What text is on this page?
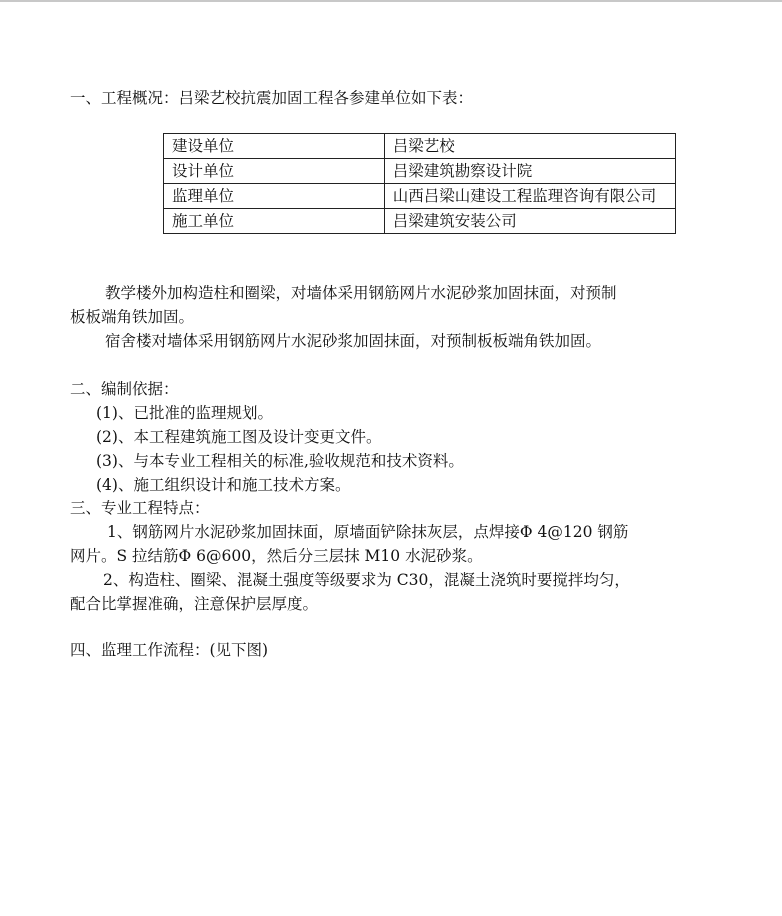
一、工程概况：吕梁艺校抗震加固工程各参建单位如下表：
建设单位	吕梁艺校
设计单位	吕梁建筑勘察设计院
监理单位	山西吕梁山建设工程监理咨询有限公司
施工单位	吕梁建筑安装公司
教学楼外加构造柱和圈梁，对墙体采用钢筋网片水泥砂浆加固抹面，对预制
板板端角铁加固。
宿舍楼对墙体采用钢筋网片水泥砂浆加固抹面，对预制板板端角铁加固。
二、编制依据：
(1)、已批准的监理规划。
(2)、本工程建筑施工图及设计变更文件。
(3)、与本专业工程相关的标准,验收规范和技术资料。
(4)、施工组织设计和施工技术方案。
三、专业工程特点：
1、钢筋网片水泥砂浆加固抹面，原墙面铲除抹灰层，点焊接Φ 4@120 钢筋
网片。S 拉结筋Φ 6@600，然后分三层抹 M10 水泥砂浆。
2、构造柱、圈梁、混凝土强度等级要求为 C30，混凝土浇筑时要搅拌均匀，
配合比掌握准确，注意保护层厚度。
四、监理工作流程：(见下图)
